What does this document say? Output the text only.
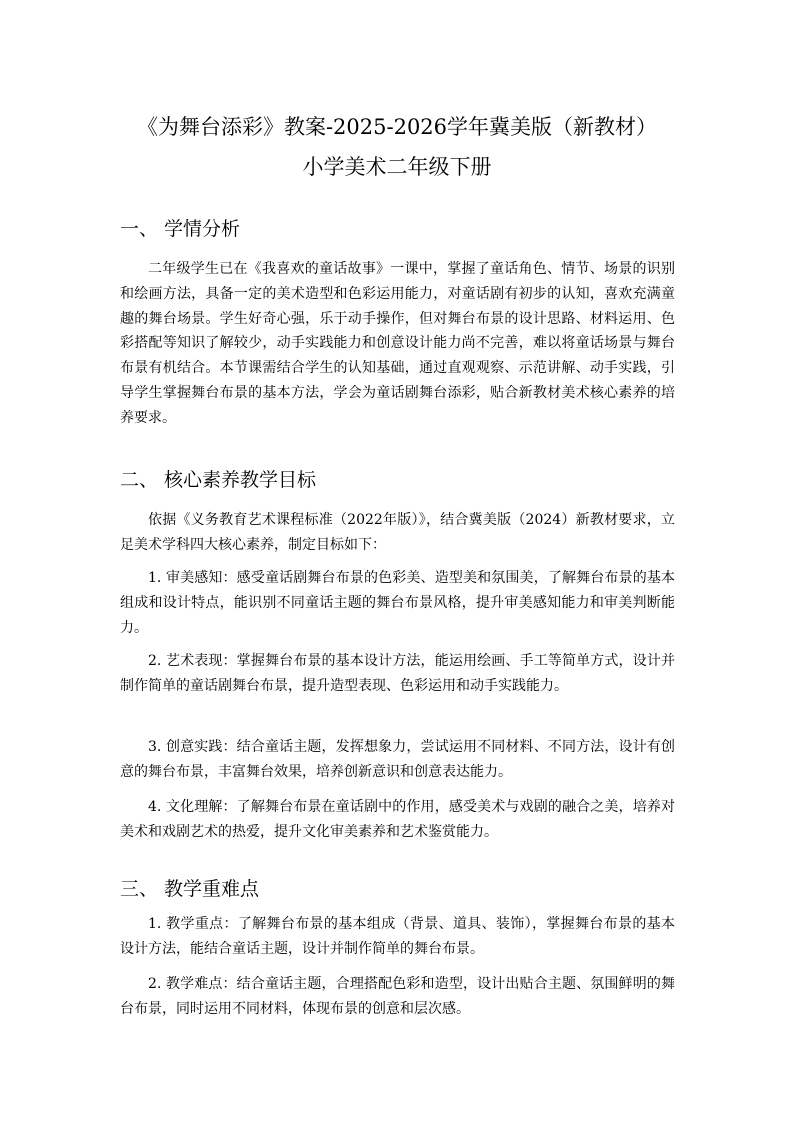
《为舞台添彩》教案-2025-2026学年冀美版（新教材）
小学美术二年级下册
一、 学情分析

二年级学生已在《我喜欢的童话故事》一课中，掌握了童话角色、情节、场景的识别和绘画方法，具备一定的美术造型和色彩运用能力，对童话剧有初步的认知，喜欢充满童趣的舞台场景。学生好奇心强，乐于动手操作，但对舞台布景的设计思路、材料运用、色彩搭配等知识了解较少，动手实践能力和创意设计能力尚不完善，难以将童话场景与舞台布景有机结合。本节课需结合学生的认知基础，通过直观观察、示范讲解、动手实践，引导学生掌握舞台布景的基本方法，学会为童话剧舞台添彩，贴合新教材美术核心素养的培养要求。

二、 核心素养教学目标

依据《义务教育艺术课程标准（2022年版）》，结合冀美版（2024）新教材要求，立足美术学科四大核心素养，制定目标如下：

1. 审美感知：感受童话剧舞台布景的色彩美、造型美和氛围美，了解舞台布景的基本组成和设计特点，能识别不同童话主题的舞台布景风格，提升审美感知能力和审美判断能力。

2. 艺术表现：掌握舞台布景的基本设计方法，能运用绘画、手工等简单方式，设计并制作简单的童话剧舞台布景，提升造型表现、色彩运用和动手实践能力。

3. 创意实践：结合童话主题，发挥想象力，尝试运用不同材料、不同方法，设计有创意的舞台布景，丰富舞台效果，培养创新意识和创意表达能力。

4. 文化理解：了解舞台布景在童话剧中的作用，感受美术与戏剧的融合之美，培养对美术和戏剧艺术的热爱，提升文化审美素养和艺术鉴赏能力。

三、 教学重难点

1. 教学重点：了解舞台布景的基本组成（背景、道具、装饰），掌握舞台布景的基本设计方法，能结合童话主题，设计并制作简单的舞台布景。

2. 教学难点：结合童话主题，合理搭配色彩和造型，设计出贴合主题、氛围鲜明的舞台布景，同时运用不同材料，体现布景的创意和层次感。
